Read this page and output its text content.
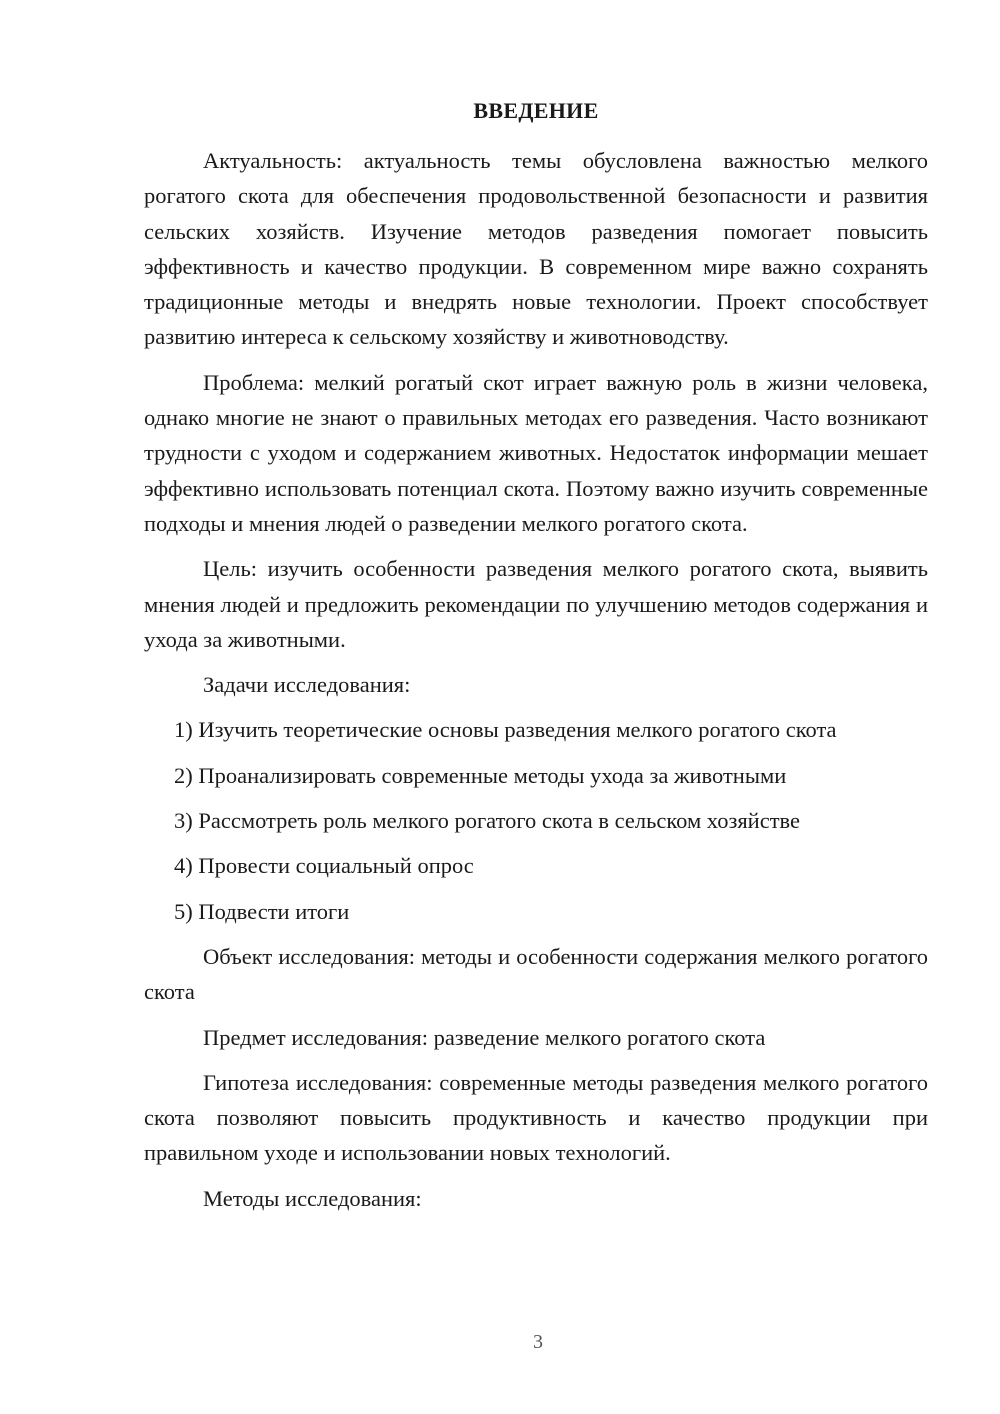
ВВЕДЕНИЕ

Актуальность: актуальность темы обусловлена важностью мелкого рогатого скота для обеспечения продовольственной безопасности и развития сельских хозяйств. Изучение методов разведения помогает повысить эффективность и качество продукции. В современном мире важно сохранять традиционные методы и внедрять новые технологии. Проект способствует развитию интереса к сельскому хозяйству и животноводству.

Проблема: мелкий рогатый скот играет важную роль в жизни человека, однако многие не знают о правильных методах его разведения. Часто возникают трудности с уходом и содержанием животных. Недостаток информации мешает эффективно использовать потенциал скота. Поэтому важно изучить современные подходы и мнения людей о разведении мелкого рогатого скота.

Цель: изучить особенности разведения мелкого рогатого скота, выявить мнения людей и предложить рекомендации по улучшению методов содержания и ухода за животными.

Задачи исследования:

1) Изучить теоретические основы разведения мелкого рогатого скота

2) Проанализировать современные методы ухода за животными

3) Рассмотреть роль мелкого рогатого скота в сельском хозяйстве

4) Провести социальный опрос

5) Подвести итоги

Объект исследования: методы и особенности содержания мелкого рогатого скота

Предмет исследования: разведение мелкого рогатого скота

Гипотеза исследования: современные методы разведения мелкого рогатого скота позволяют повысить продуктивность и качество продукции при правильном уходе и использовании новых технологий.

Методы исследования:

3
